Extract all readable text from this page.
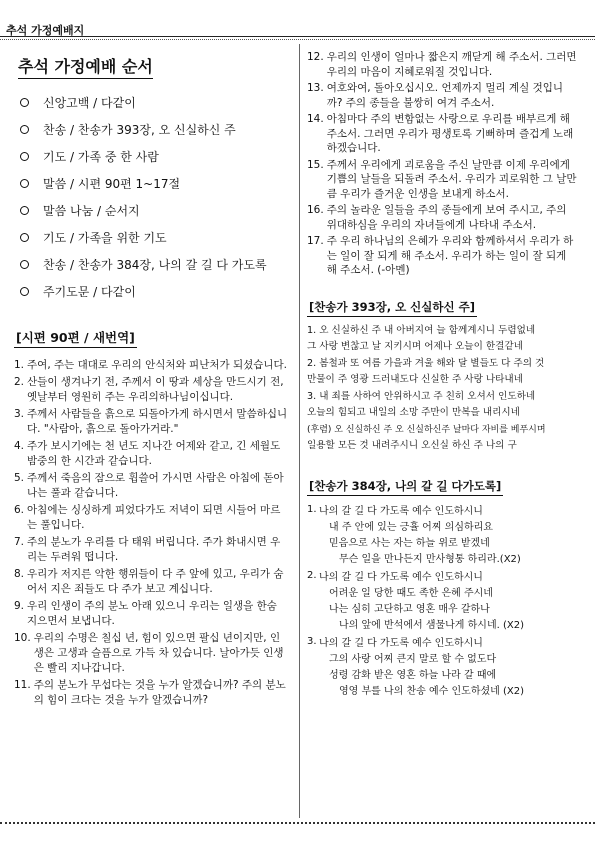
추석 가정예배지
추석 가정예배 순서
신앙고백 / 다같이
찬송 / 찬송가 393장, 오 신실하신 주
기도 / 가족 중 한 사람
말씀 / 시편 90편 1~17절
말씀 나눔 / 순서지
기도 / 가족을 위한 기도
찬송 / 찬송가 384장, 나의 갈 길 다 가도록
주기도문 / 다같이
[시편 90편 / 새번역]
1. 주여, 주는 대대로 우리의 안식처와 피난처가 되셨습니다.
2. 산들이 생겨나기 전, 주께서 이 땅과 세상을 만드시기 전, 옛날부터 영원히 주는 우리의하나님이십니다.
3. 주께서 사람들을 흙으로 되돌아가게 하시면서 말씀하십니다. "사람아, 흙으로 돌아가거라."
4. 주가 보시기에는 천 년도 지나간 어제와 같고, 긴 세월도 밤중의 한 시간과 같습니다.
5. 주께서 죽음의 잠으로 휩쓸어 가시면 사람은 아침에 돋아나는 풀과 같습니다.
6. 아침에는 싱싱하게 피었다가도 저녁이 되면 시들어 마르는 풀입니다.
7. 주의 분노가 우리를 다 태워 버립니다. 주가 화내시면 우리는 두려워 떱니다.
8. 우리가 저지른 악한 행위들이 다 주 앞에 있고, 우리가 숨어서 지은 죄들도 다 주가 보고 계십니다.
9. 우리 인생이 주의 분노 아래 있으니 우리는 일생을 한숨 지으면서 보냅니다.
10. 우리의 수명은 칠십 년, 힘이 있으면 팔십 년이지만, 인생은 고생과 슬픔으로 가득 차 있습니다. 날아가듯 인생은 빨리 지나갑니다.
11. 주의 분노가 무섭다는 것을 누가 알겠습니까? 주의 분노의 힘이 크다는 것을 누가 알겠습니까?
12. 우리의 인생이 얼마나 짧은지 깨닫게 해 주소서. 그러면 우리의 마음이 지혜로워질 것입니다.
13. 여호와여, 돌아오십시오. 언제까지 멀리 계실 것입니까? 주의 종들을 불쌍히 여겨 주소서.
14. 아침마다 주의 변함없는 사랑으로 우리를 배부르게 해 주소서. 그러면 우리가 평생토록 기뻐하며 즐겁게 노래하겠습니다.
15. 주께서 우리에게 괴로움을 주신 날만큼 이제 우리에게 기쁨의 날들을 되돌려 주소서. 우리가 괴로워한 그 날만큼 우리가 즐거운 인생을 보내게 하소서.
16. 주의 놀라운 일들을 주의 종들에게 보여 주시고, 주의 위대하심을 우리의 자녀들에게 나타내 주소서.
17. 주 우리 하나님의 은혜가 우리와 함께하셔서 우리가 하는 일이 잘 되게 해 주소서. 우리가 하는 일이 잘 되게 해 주소서. (-아멘)
[찬송가 393장, 오 신실하신 주]
1. 오 신실하신 주 내 아버지여 늘 함께계시니 두렴없네
그 사랑 변찮고 날 지키시며 어제나 오늘이 한결같네
2. 봄철과 또 여름 가을과 겨울 해와 달 별들도 다 주의 것
만물이 주 영광 드러내도다 신실한 주 사랑 나타내네
3. 내 죄를 사하여 안위하시고 주 친히 오셔서 인도하네
오늘의 힘되고 내일의 소망 주만이 만복을 내리시네
(후렴) 오 신실하신 주 오 신실하신주 날마다 자비를 베푸시며
일용할 모든 것 내려주시니 오신실 하신 주 나의 구
[찬송가 384장, 나의 갈 길 다가도록]
1. 나의 갈 길 다 가도록 예수 인도하시니
내 주 안에 있는 긍휼 어찌 의심하리요
믿음으로 사는 자는 하늘 위로 받겠네
무슨 일을 만나든지 만사형통 하리라.(X2)
2. 나의 갈 길 다 가도록 예수 인도하시니
어려운 일 당한 때도 족한 은혜 주시네
나는 심히 고단하고 영혼 매우 갈하나
나의 앞에 반석에서 샘물나게 하시네. (X2)
3. 나의 갈 길 다 가도록 예수 인도하시니
그의 사랑 어찌 큰지 말로 할 수 없도다
성령 감화 받은 영혼 하늘 나라 갈 때에
영영 부를 나의 찬송 예수 인도하셨네 (X2)
